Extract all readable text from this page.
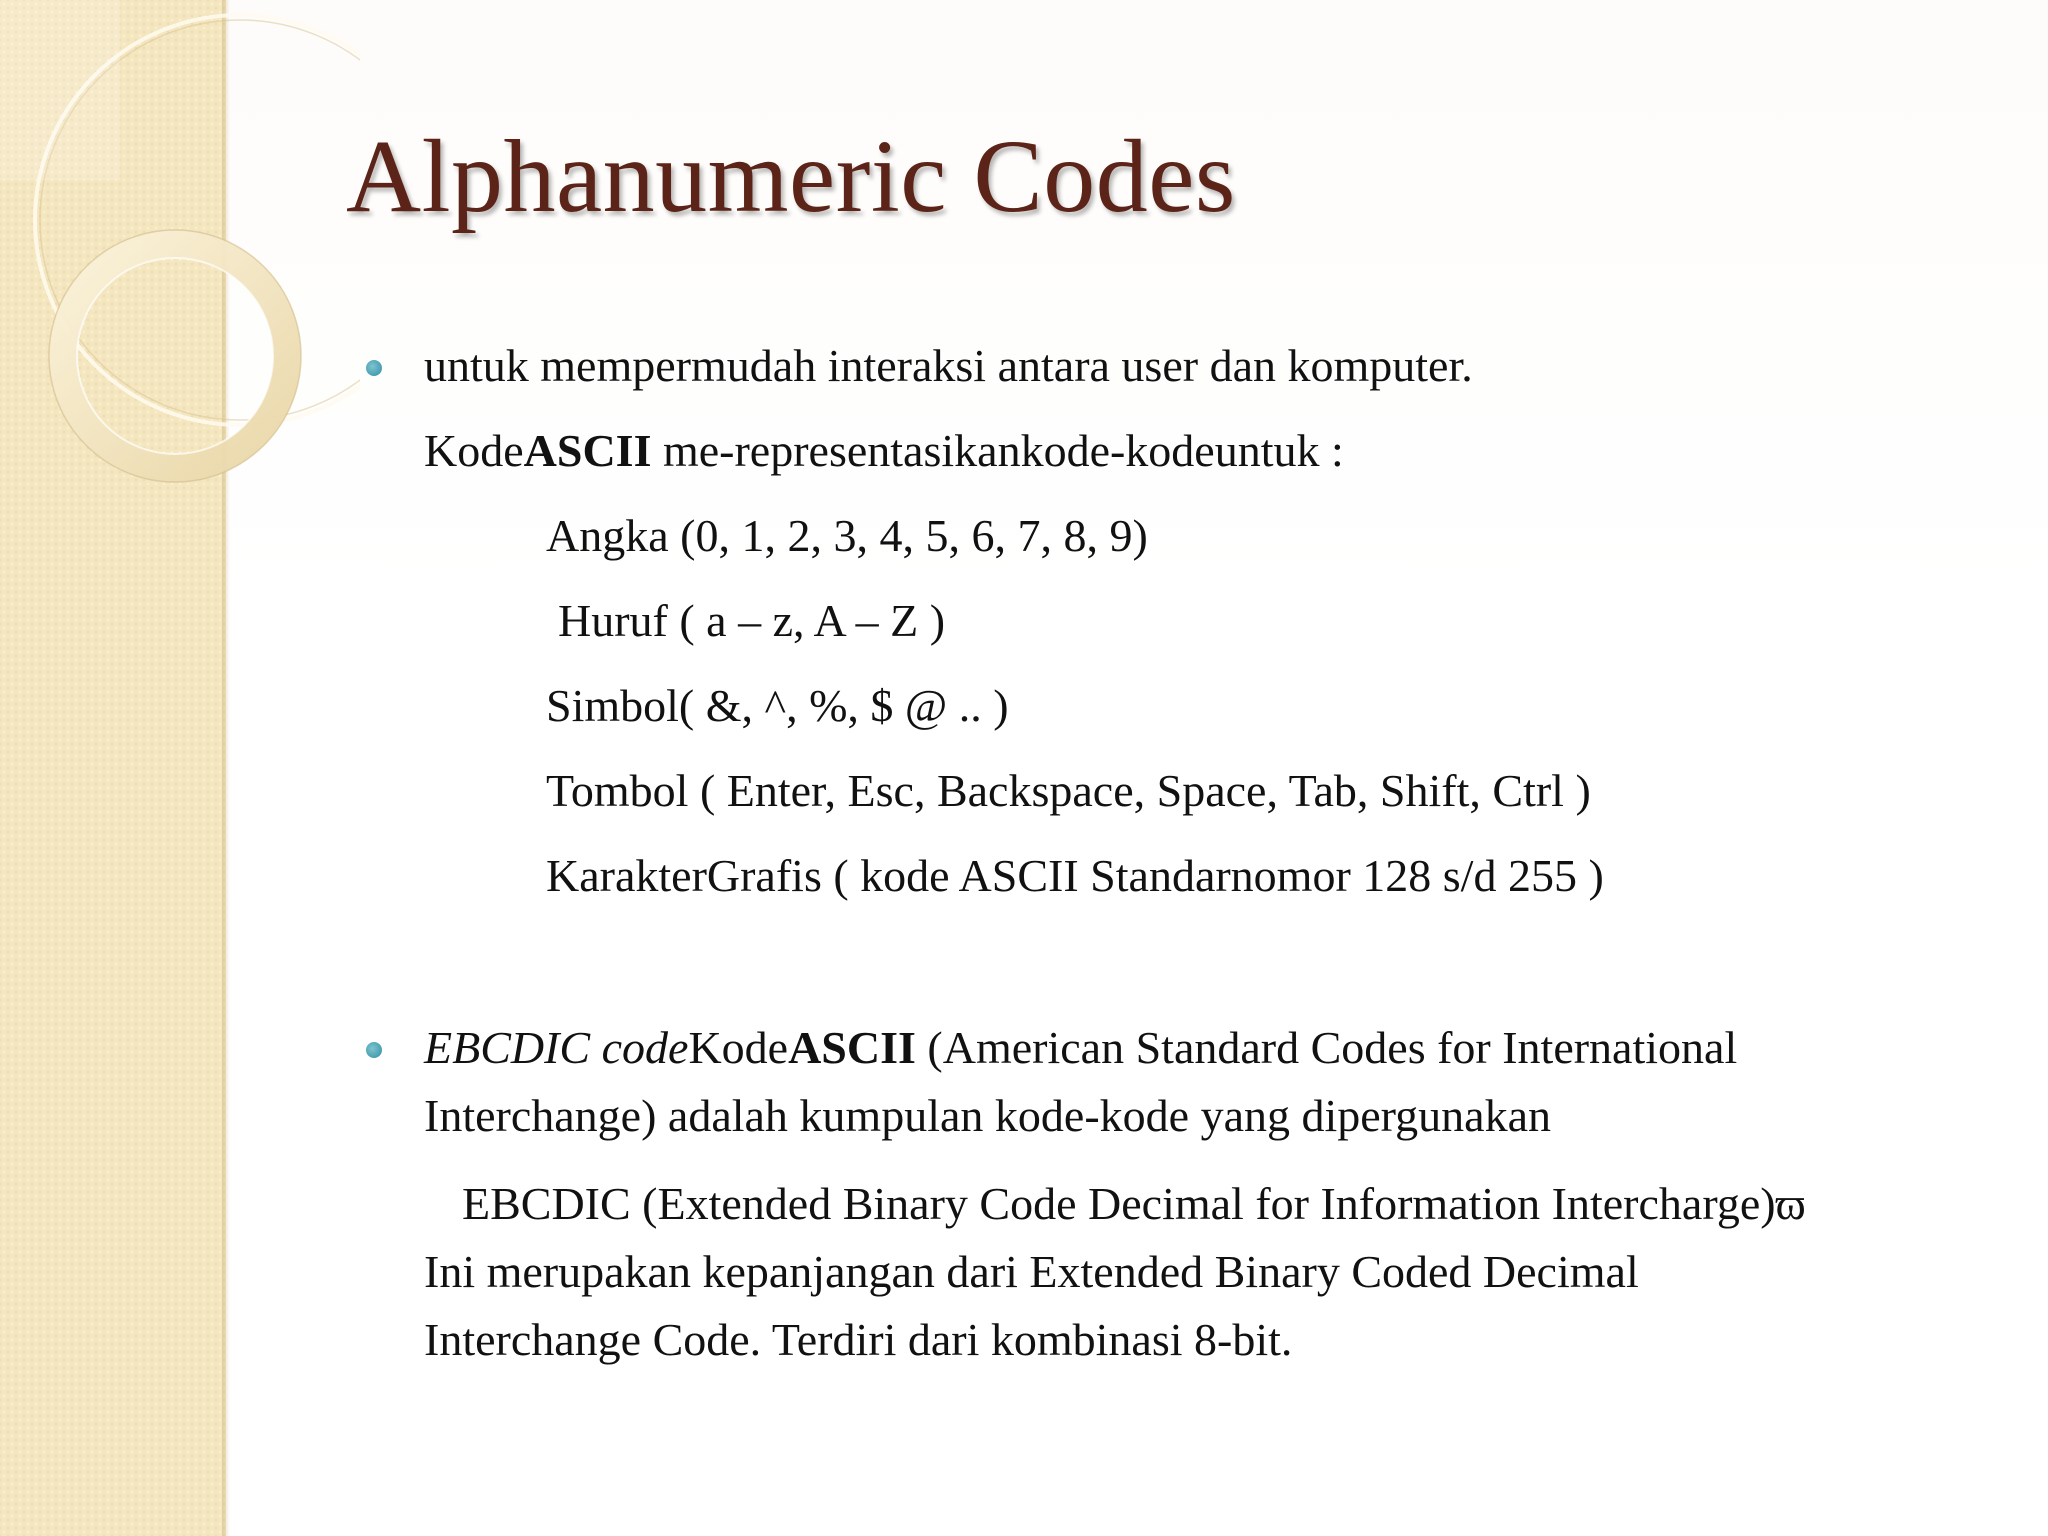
Alphanumeric Codes
untuk mempermudah interaksi antara user dan komputer.
KodeASCII me-representasikankode-kodeuntuk :
Angka (0, 1, 2, 3, 4, 5, 6, 7, 8, 9)
Huruf ( a – z, A – Z )
Simbol( &, ^, %, $ @ .. )
Tombol ( Enter, Esc, Backspace, Space, Tab, Shift, Ctrl )
KarakterGrafis ( kode ASCII Standarnomor 128 s/d 255 )
EBCDIC codeKodeASCII (American Standard Codes for International
Interchange) adalah kumpulan kode-kode yang dipergunakan
EBCDIC (Extended Binary Code Decimal for Information Intercharge)ϖ
Ini merupakan kepanjangan dari Extended Binary Coded Decimal
Interchange Code. Terdiri dari kombinasi 8-bit.
